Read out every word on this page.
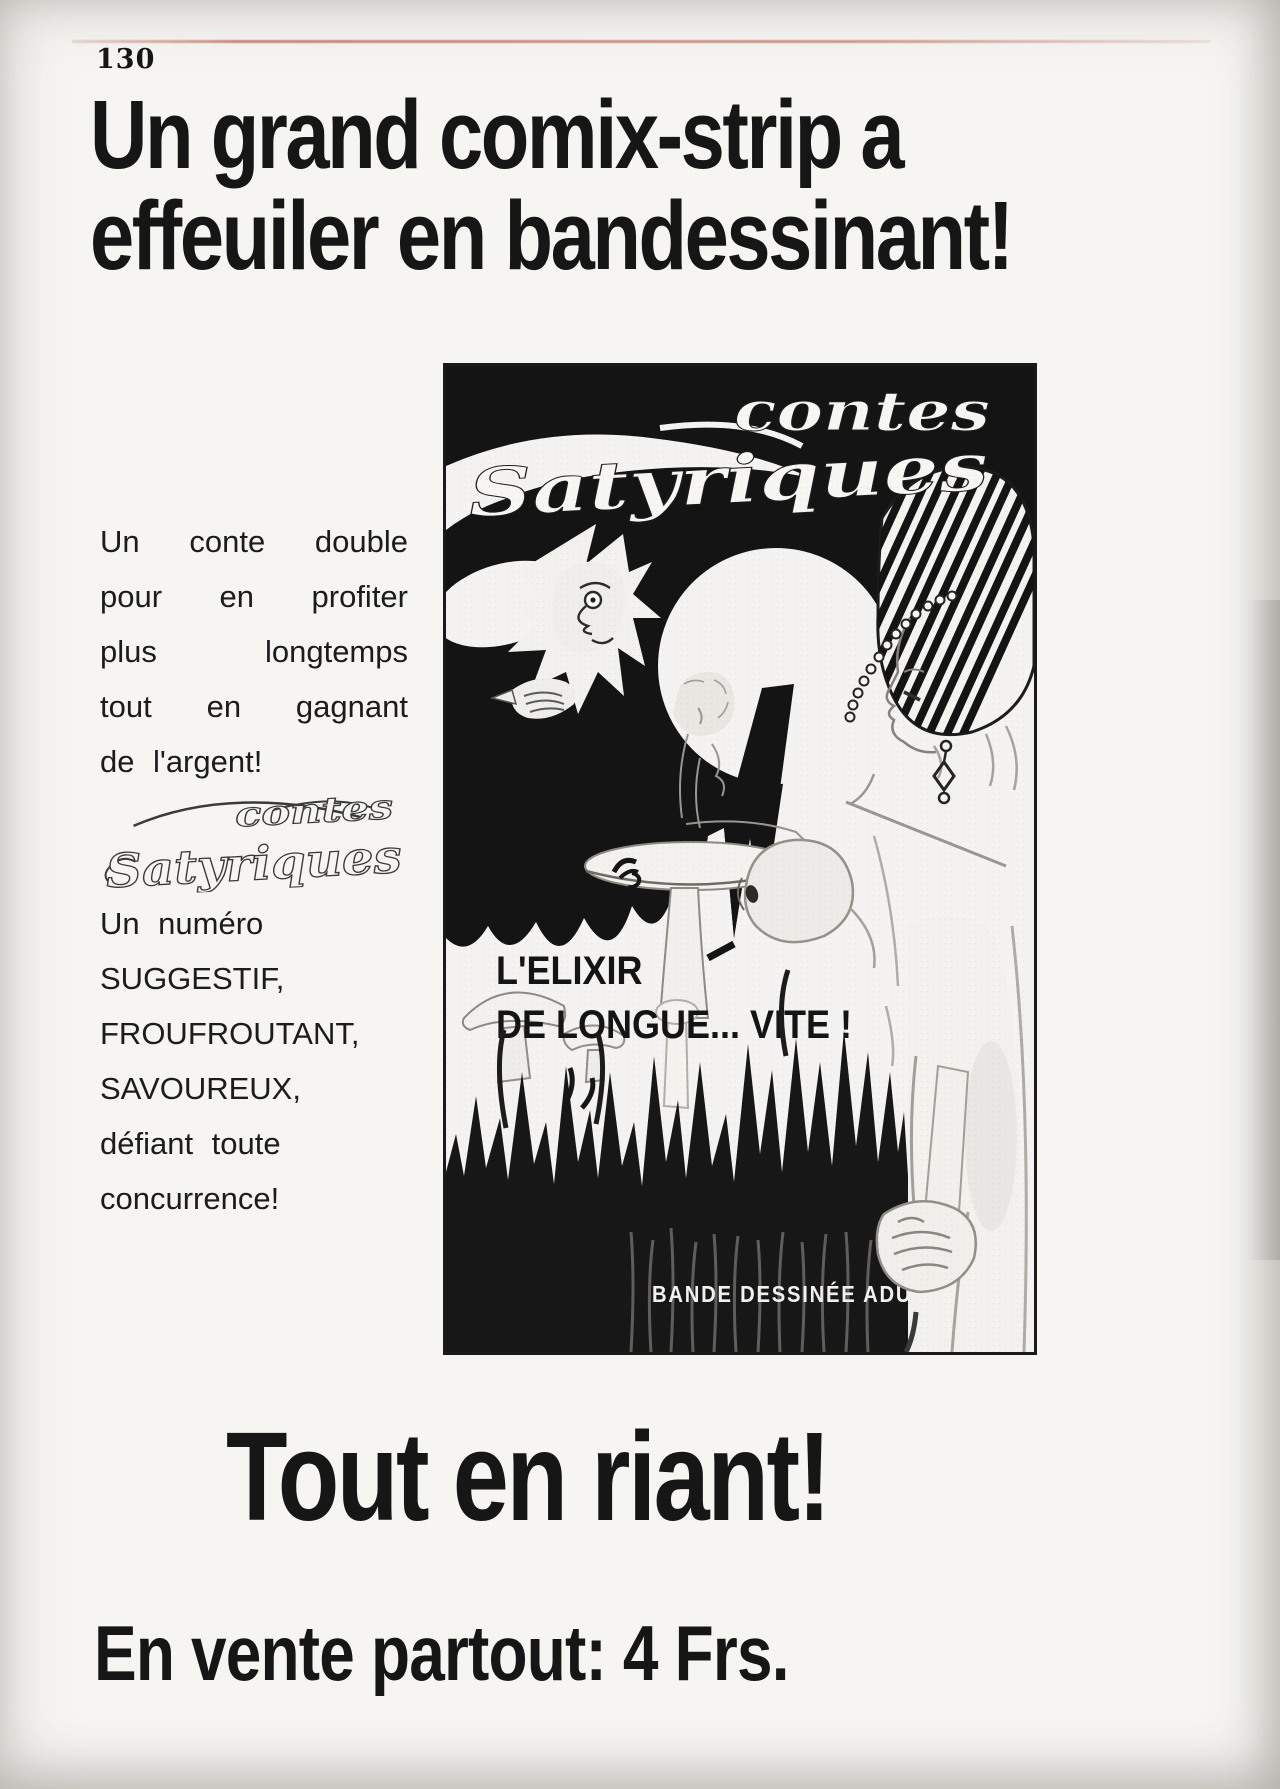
130
Un grand comix-strip a
effeuiler en bandessinant!
Un conte double
pour en profiter
plus longtemps
tout en gagnant
de l'argent!
contes
Satyriques
Un numéro
SUGGESTIF,
FROUFROUTANT,
SAVOUREUX,
défiant toute
concurrence!
Tout en riant!
En vente partout: 4 Frs.
